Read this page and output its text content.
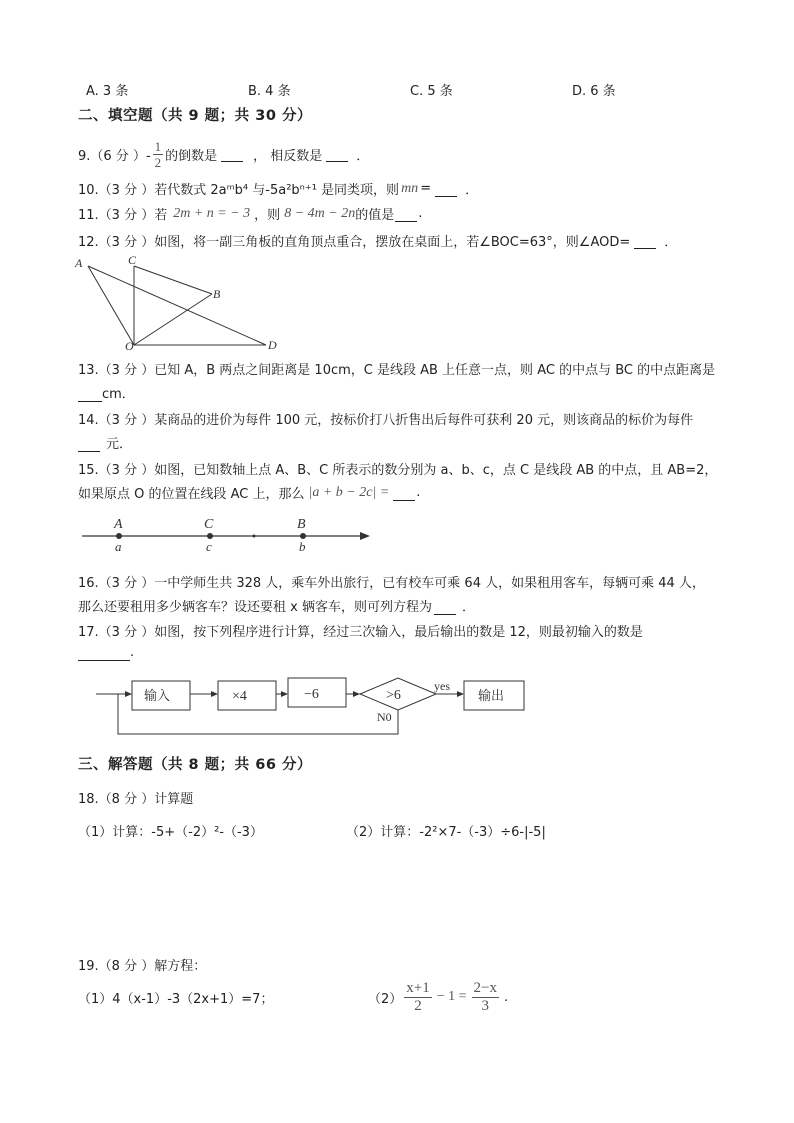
A. 3 条	B. 4 条	C. 5 条	D. 6 条
二、填空题（共 9 题；共 30 分）
9.（6 分 ）- $\frac{1}{2}$ 的倒数是
	， 相反数是
	．
10.（3 分 ）若代数式 2aᵐb⁴ 与-5a²bⁿ⁺¹ 是同类项，则 mn =
	．
11.（3 分 ）若 2m + n = − 3 ，则 8 − 4m − 2n 的值是
.
12.（3 分 ）如图，将一副三角板的直角顶点重合，摆放在桌面上，若∠BOC=63°，则∠AOD=
	．
A	C
B
O	D
13.（3 分 ）已知 A，B 两点之间距离是 10cm，C 是线段 AB 上任意一点，则 AC 的中点与 BC 的中点距离是

cm．
14.（3 分 ）某商品的进价为每件 100 元，按标价打八折售出后每件可获利 20 元，则该商品的标价为每件

元．
15.（3 分 ）如图，已知数轴上点 A、B、C 所表示的数分别为 a、b、c，点 C 是线段 AB 的中点，且 AB=2，
如果原点 O 的位置在线段 AC 上，那么 |a + b − 2c| =
.
A	C	B
a	c	b
16.（3 分 ）一中学师生共 328 人，乘车外出旅行，已有校车可乘 64 人，如果租用客车，每辆可乘 44 人，
那么还要租用多少辆客车？设还要租 x 辆客车，则可列方程为
．
17.（3 分 ）如图，按下列程序进行计算，经过三次输入，最后输出的数是 12，则最初输入的数是

.
输入	×4	−6	>6
yes
N0
输出
三、解答题（共 8 题；共 66 分）
18.（8 分 ）计算题
（1）计算：-5+（-2）²-（-3）	（2）计算：-2²×7-（-3）÷6-|-5|
19.（8 分 ）解方程：
（1）4（x-1）-3（2x+1）=7；	$(2) \frac{x+1}{2} - 1 = \frac{2-x}{3}$ .
